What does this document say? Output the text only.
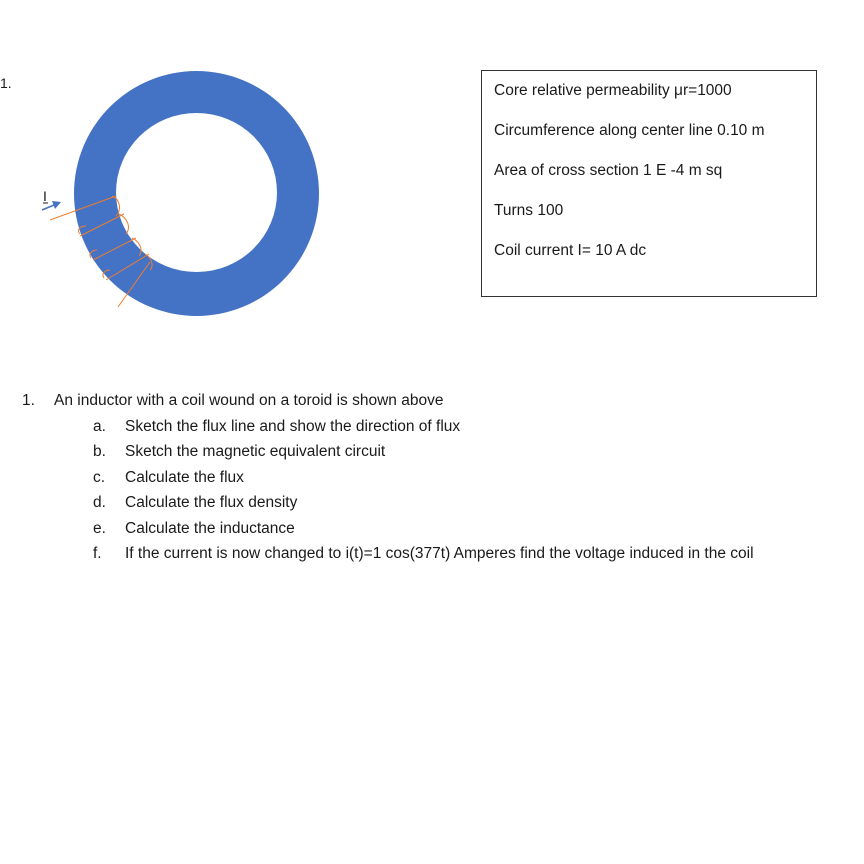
1.
I
Core relative permeability μr=1000
Circumference along center line 0.10 m
Area of cross section 1 E -4 m sq
Turns 100
Coil current I= 10 A dc
1.	An inductor with a coil wound on a toroid is shown above
a.	Sketch the flux line and show the direction of flux
b.	Sketch the magnetic equivalent circuit
c.	Calculate the flux
d.	Calculate the flux density
e.	Calculate the inductance
f.	If the current is now changed to i(t)=1 cos(377t) Amperes find the voltage induced in the coil
